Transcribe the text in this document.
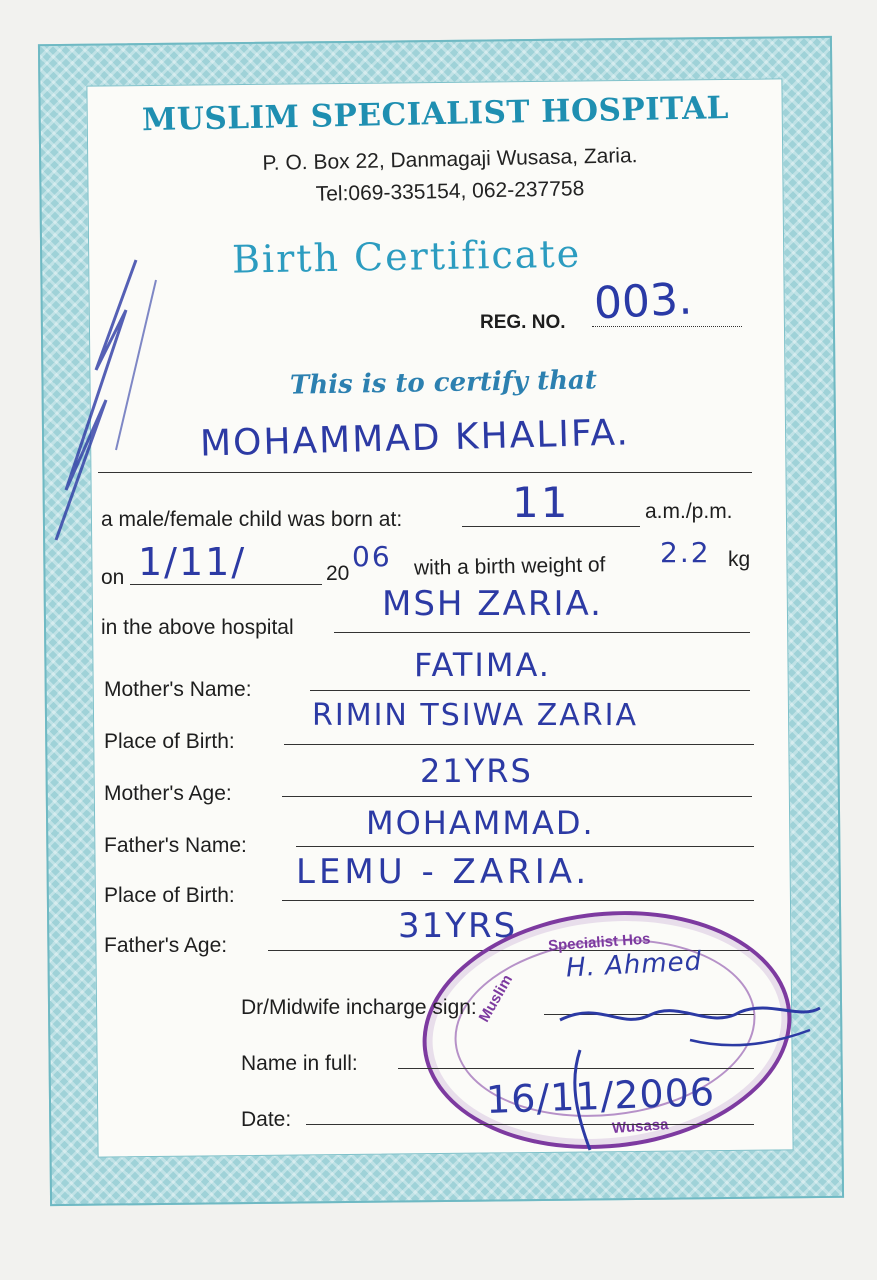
MUSLIM SPECIALIST HOSPITAL
P. O. Box 22, Danmagaji Wusasa, Zaria.
Tel:069-335154, 062-237758
Birth Certificate
REG. NO. 003.
This is to certify that
MOHAMMAD KHALIFA.
a male/female child was born at:	11	a.m./p.m.
on 1/11/	20
06 with a birth weight of 2.2 kg
in the above hospital
MSH ZARIA.
Mother's Name:
FATIMA.
Place of Birth:
RIMIN TSIWA ZARIA
Mother's Age:
21YRS
Father's Name:
MOHAMMAD.
Place of Birth:
LEMU - ZARIA.
Father's Age:	31YRS Specialist Hos
Muslim
Wusasa
Dr/Midwife incharge sign:
H. Ahmed
Name in full:
Date:	16/11/2006
